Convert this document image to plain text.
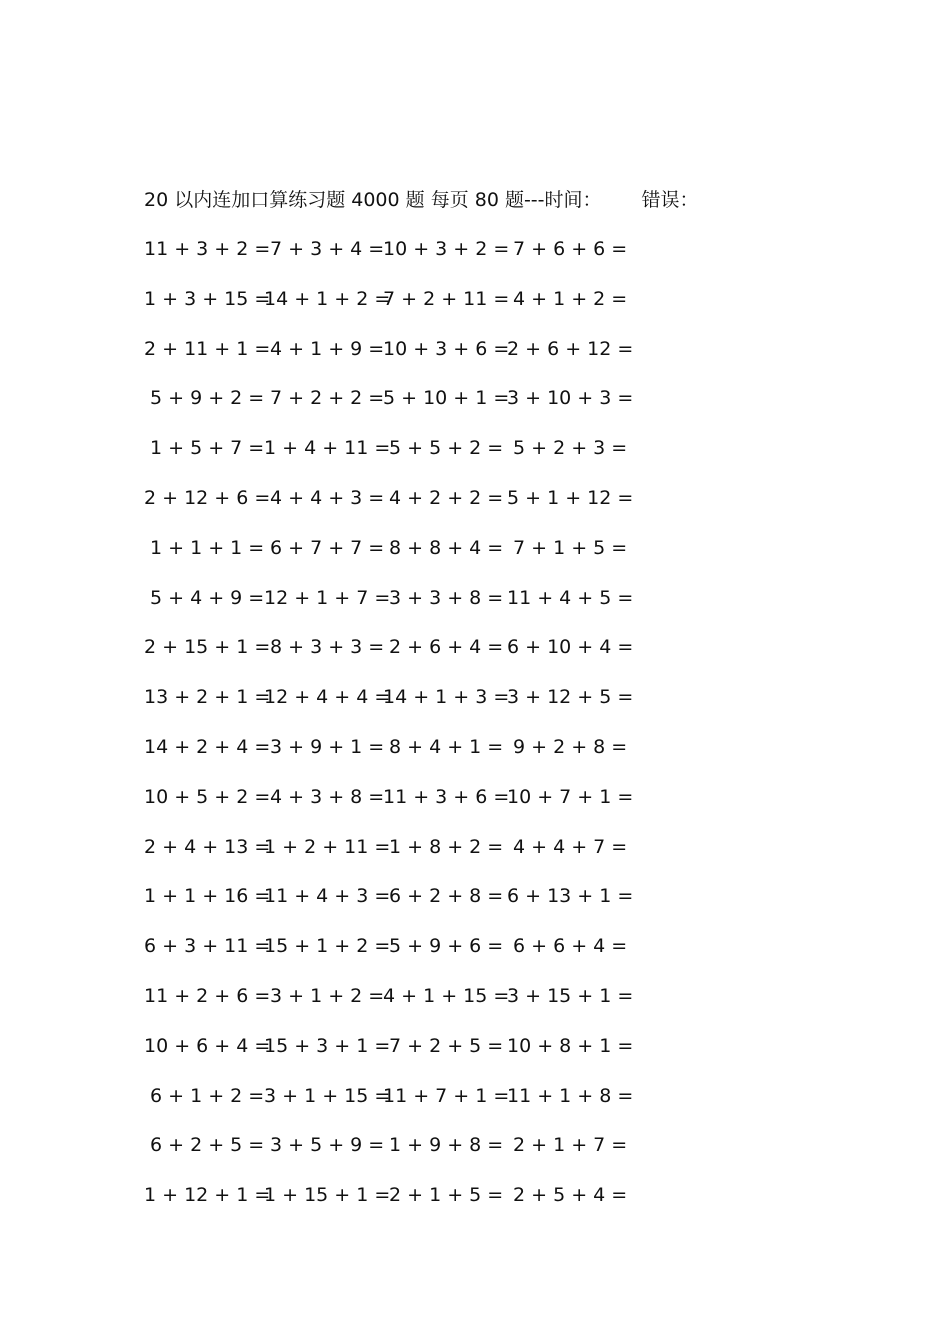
20 以内连加口算练习题 4000 题 每页 80 题---时间： 错误：
11 + 3 + 2 = 7 + 3 + 4 =
10 + 3 + 2 = 7 + 6 + 6 =
1 + 3 + 15 =
14 + 1 + 2 =
7 + 2 + 11 = 4 + 1 + 2 =
2 + 11 + 1 = 4 + 1 + 9 =
10 + 3 + 6 =
2 + 6 + 12 =
5 + 9 + 2 = 7 + 2 + 2 =
5 + 10 + 1 =
3 + 10 + 3 =
1 + 5 + 7 = 1 + 4 + 11 =
5 + 5 + 2 = 5 + 2 + 3 =
2 + 12 + 6 = 4 + 4 + 3 = 4 + 2 + 2 = 5 + 1 + 12 =
1 + 1 + 1 = 6 + 7 + 7 = 8 + 8 + 4 = 7 + 1 + 5 =
5 + 4 + 9 = 12 + 1 + 7 =
3 + 3 + 8 = 11 + 4 + 5 =
2 + 15 + 1 = 8 + 3 + 3 = 2 + 6 + 4 = 6 + 10 + 4 =
13 + 2 + 1 =
12 + 4 + 4 =
14 + 1 + 3 =
3 + 12 + 5 =
14 + 2 + 4 = 3 + 9 + 1 = 8 + 4 + 1 = 9 + 2 + 8 =
10 + 5 + 2 = 4 + 3 + 8 =
11 + 3 + 6 =
10 + 7 + 1 =
2 + 4 + 13 =
1 + 2 + 11 =
1 + 8 + 2 = 4 + 4 + 7 =
1 + 1 + 16 =
11 + 4 + 3 =
6 + 2 + 8 = 6 + 13 + 1 =
6 + 3 + 11 =
15 + 1 + 2 =
5 + 9 + 6 = 6 + 6 + 4 =
11 + 2 + 6 = 3 + 1 + 2 =
4 + 1 + 15 =
3 + 15 + 1 =
10 + 6 + 4 =
15 + 3 + 1 =
7 + 2 + 5 = 10 + 8 + 1 =
6 + 1 + 2 = 3 + 1 + 15 =
11 + 7 + 1 =
11 + 1 + 8 =
6 + 2 + 5 = 3 + 5 + 9 = 1 + 9 + 8 = 2 + 1 + 7 =
1 + 12 + 1 =
1 + 15 + 1 =
2 + 1 + 5 = 2 + 5 + 4 =
